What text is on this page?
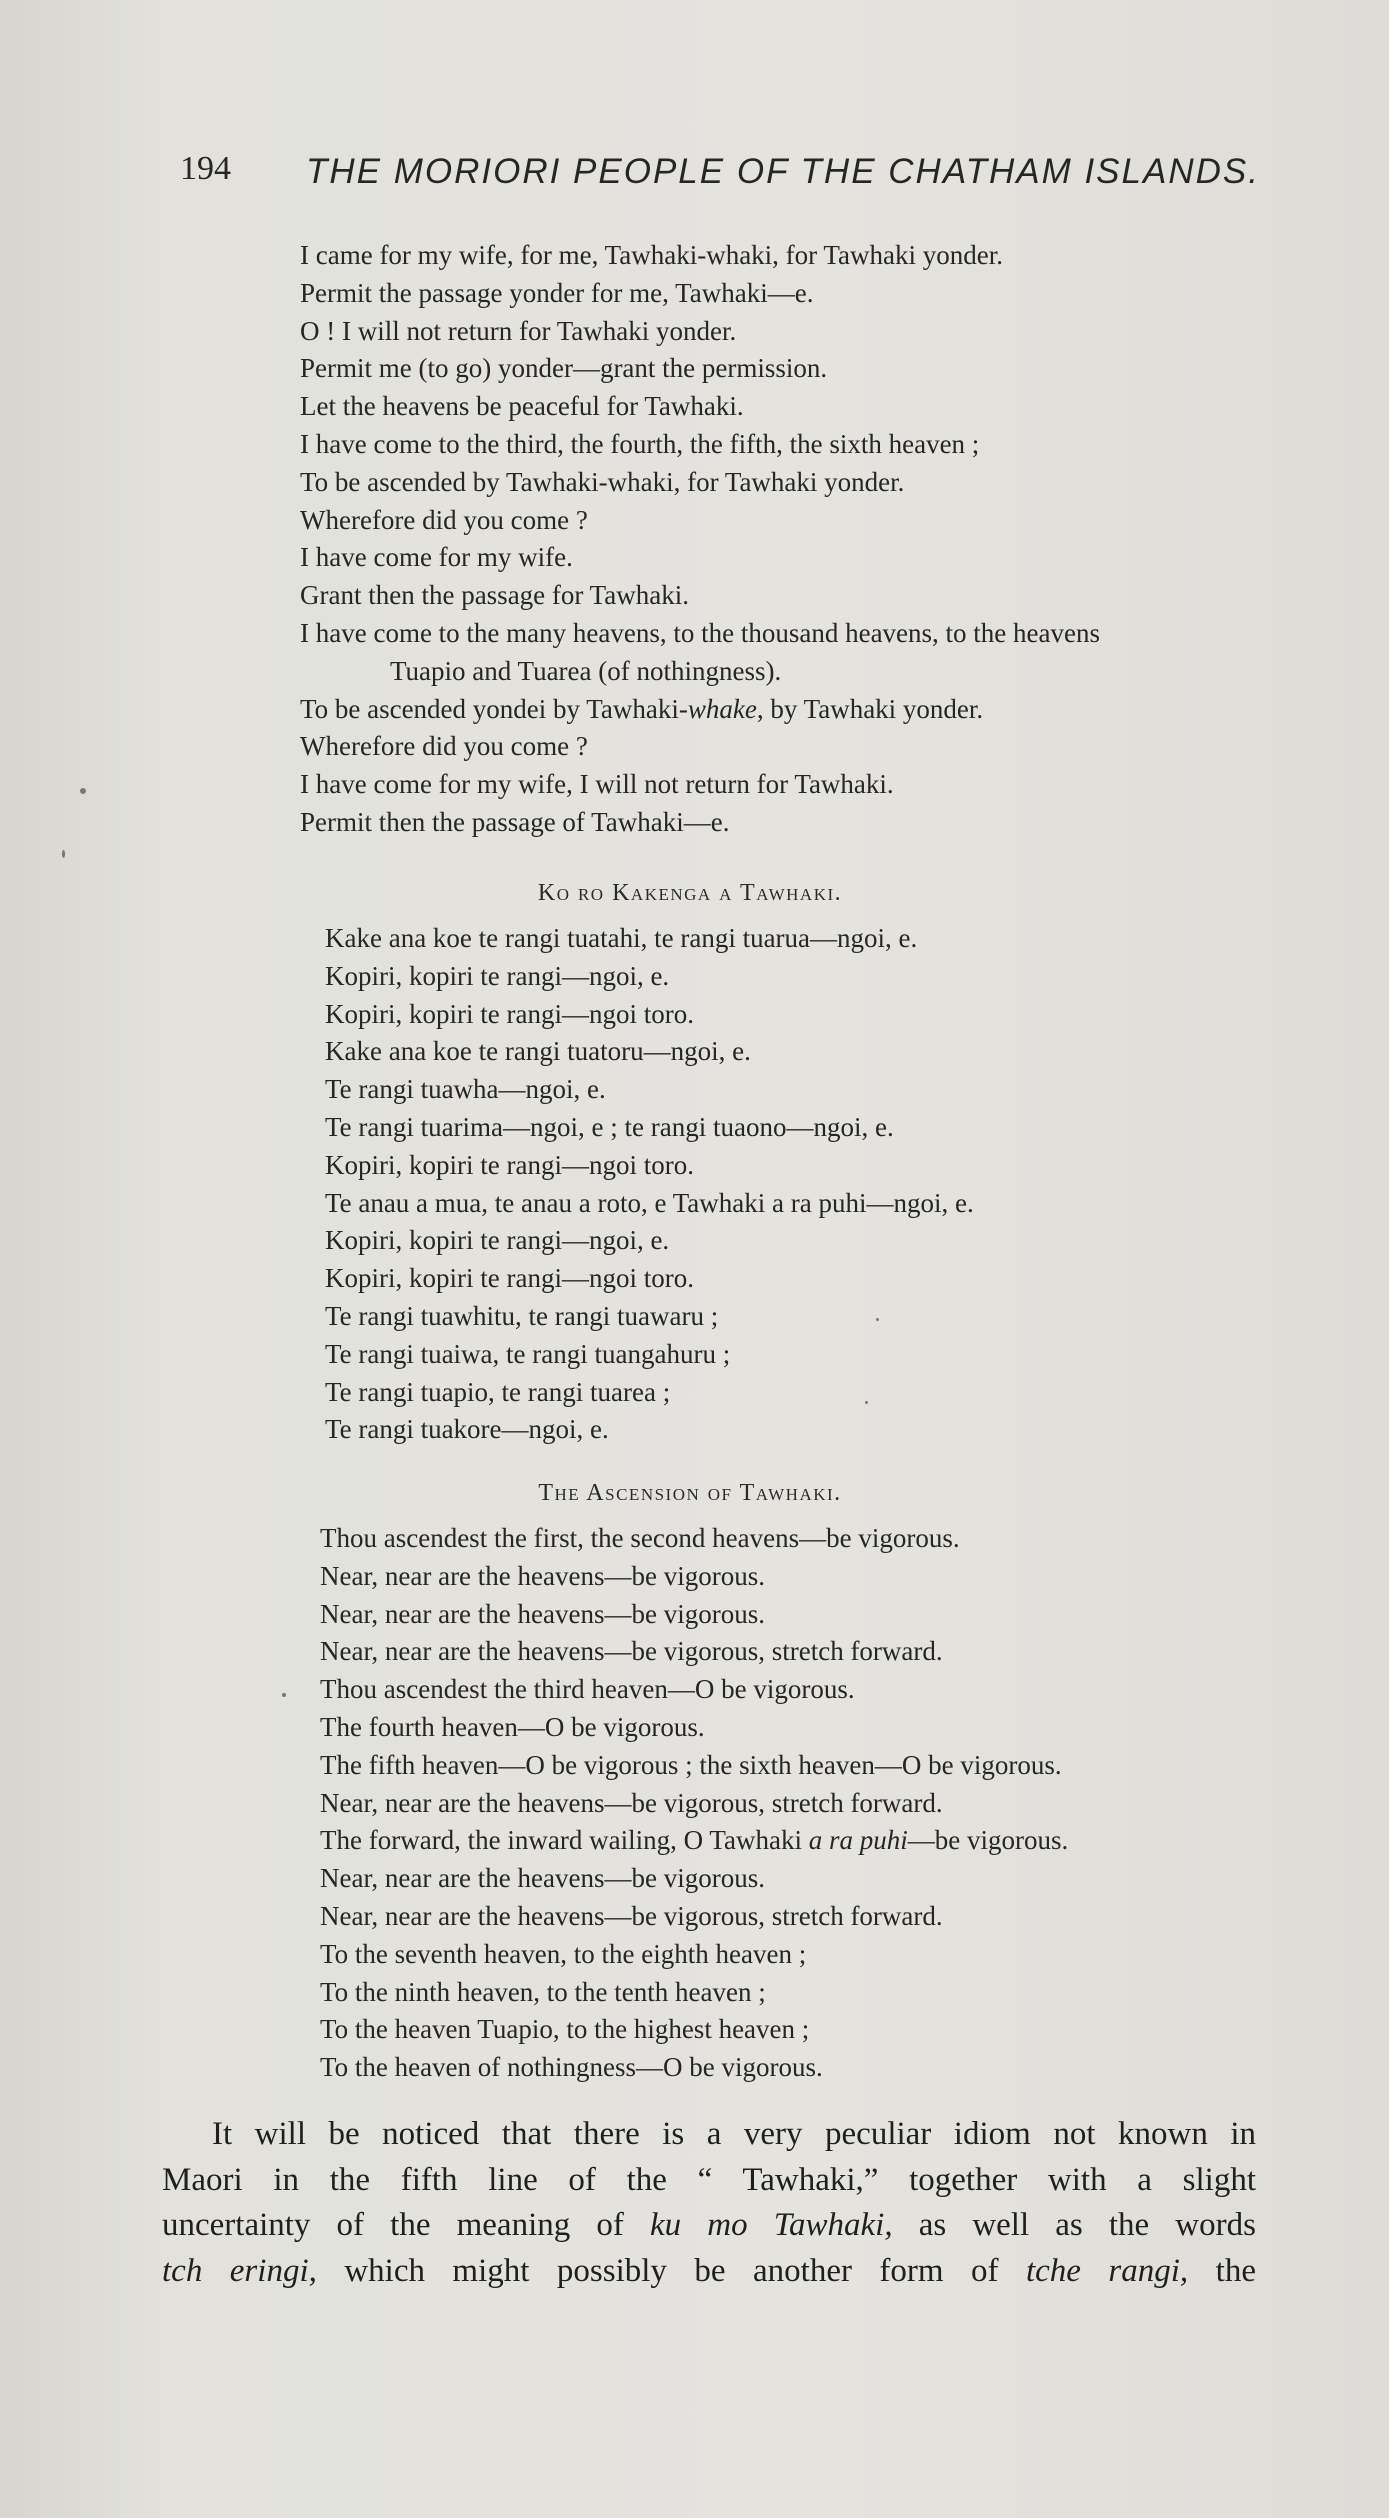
194 THE MORIORI PEOPLE OF THE CHATHAM ISLANDS.
I came for my wife, for me, Tawhaki-whaki, for Tawhaki yonder.
Permit the passage yonder for me, Tawhaki—e.
O ! I will not return for Tawhaki yonder.
Permit me (to go) yonder—grant the permission.
Let the heavens be peaceful for Tawhaki.
I have come to the third, the fourth, the fifth, the sixth heaven ;
To be ascended by Tawhaki-whaki, for Tawhaki yonder.
Wherefore did you come ?
I have come for my wife.
Grant then the passage for Tawhaki.
I have come to the many heavens, to the thousand heavens, to the heavens
Tuapio and Tuarea (of nothingness).
To be ascended yondei by Tawhaki-whake, by Tawhaki yonder.
Wherefore did you come ?
I have come for my wife, I will not return for Tawhaki.
Permit then the passage of Tawhaki—e.
Ko ro Kakenga a Tawhaki.
Kake ana koe te rangi tuatahi, te rangi tuarua—ngoi, e.
Kopiri, kopiri te rangi—ngoi, e.
Kopiri, kopiri te rangi—ngoi toro.
Kake ana koe te rangi tuatoru—ngoi, e.
Te rangi tuawha—ngoi, e.
Te rangi tuarima—ngoi, e ; te rangi tuaono—ngoi, e.
Kopiri, kopiri te rangi—ngoi toro.
Te anau a mua, te anau a roto, e Tawhaki a ra puhi—ngoi, e.
Kopiri, kopiri te rangi—ngoi, e.
Kopiri, kopiri te rangi—ngoi toro.
Te rangi tuawhitu, te rangi tuawaru ;
Te rangi tuaiwa, te rangi tuangahuru ;
Te rangi tuapio, te rangi tuarea ;
Te rangi tuakore—ngoi, e.
The Ascension of Tawhaki.
Thou ascendest the first, the second heavens—be vigorous.
Near, near are the heavens—be vigorous.
Near, near are the heavens—be vigorous.
Near, near are the heavens—be vigorous, stretch forward.
Thou ascendest the third heaven—O be vigorous.
The fourth heaven—O be vigorous.
The fifth heaven—O be vigorous ; the sixth heaven—O be vigorous.
Near, near are the heavens—be vigorous, stretch forward.
The forward, the inward wailing, O Tawhaki a ra puhi—be vigorous.
Near, near are the heavens—be vigorous.
Near, near are the heavens—be vigorous, stretch forward.
To the seventh heaven, to the eighth heaven ;
To the ninth heaven, to the tenth heaven ;
To the heaven Tuapio, to the highest heaven ;
To the heaven of nothingness—O be vigorous.
It will be noticed that there is a very peculiar idiom not known in
Maori in the fifth line of the “ Tawhaki,” together with a slight
uncertainty of the meaning of ku mo Tawhaki, as well as the words
tch eringi, which might possibly be another form of tche rangi, the
